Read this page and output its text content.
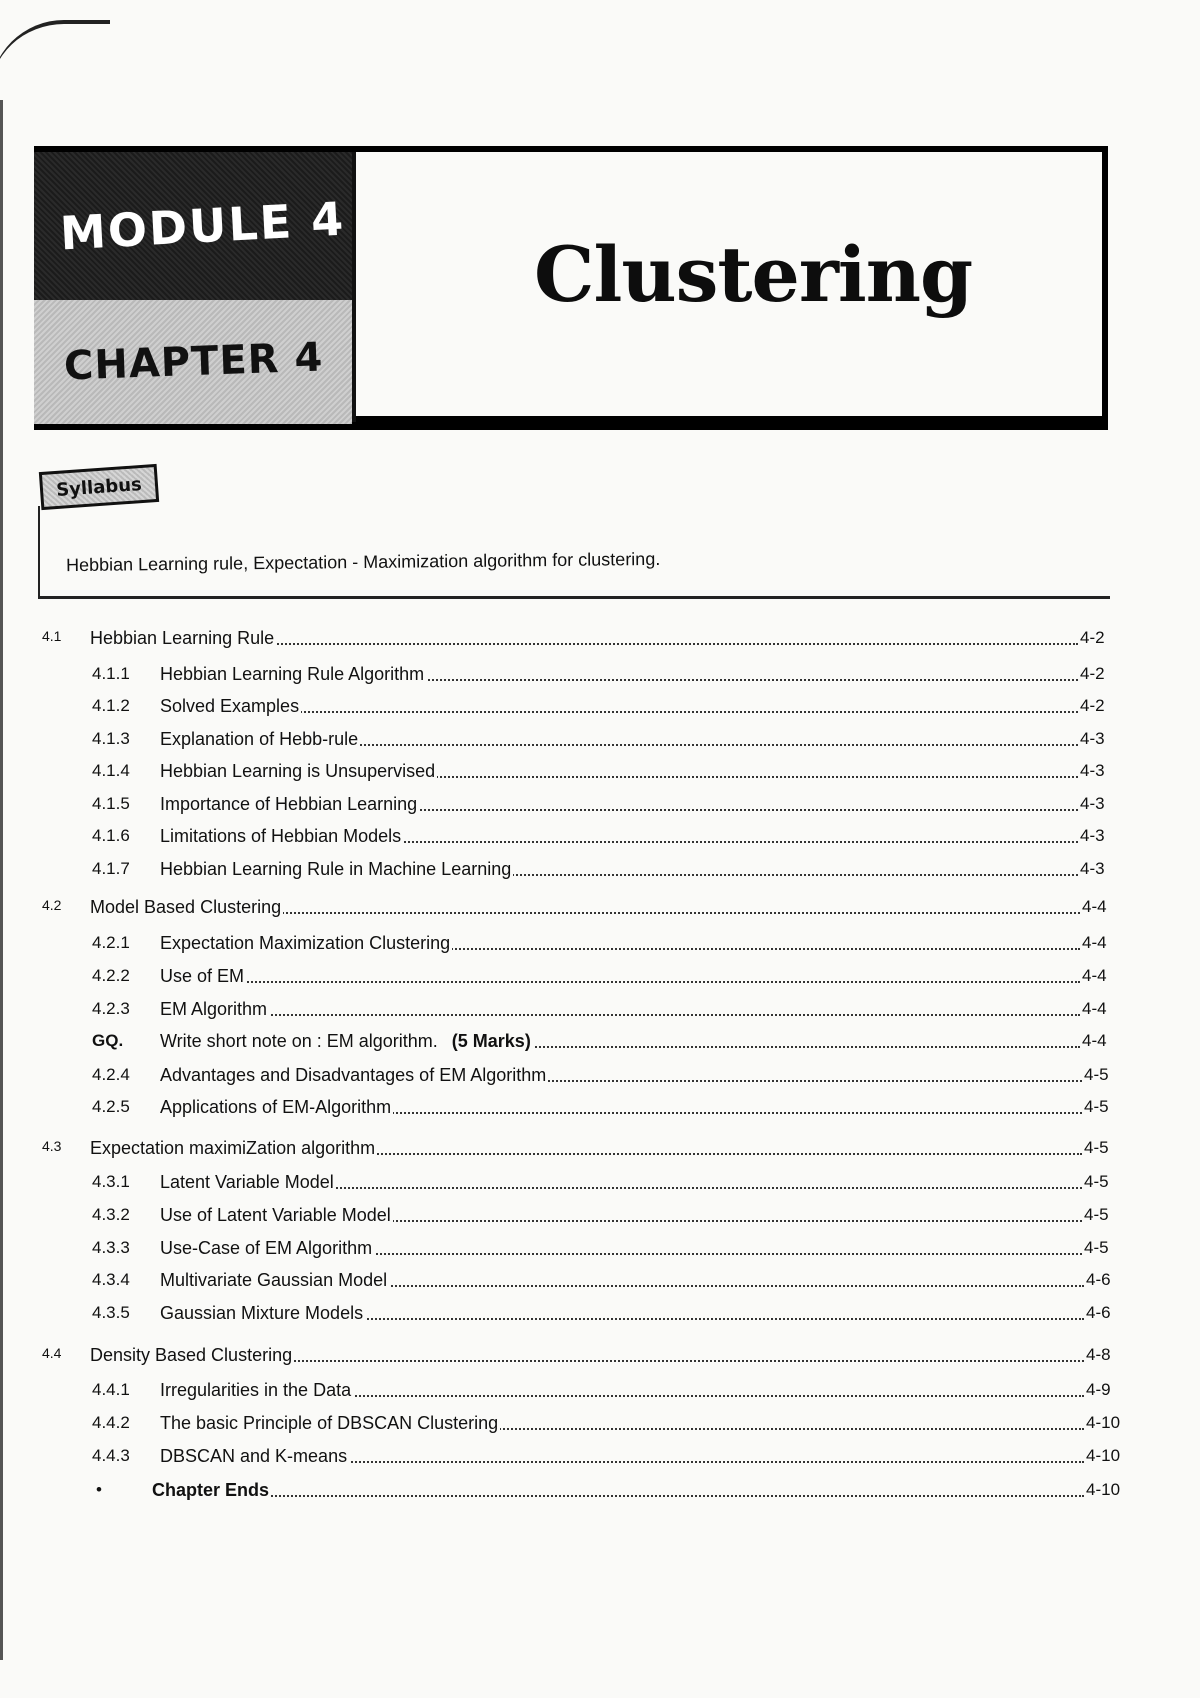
MODULE 4
CHAPTER 4
Clustering
Syllabus
Hebbian Learning rule, Expectation - Maximization algorithm for clustering.
4.1 Hebbian Learning Rule	4-2
4.1.1 Hebbian Learning Rule Algorithm	4-2
4.1.2 Solved Examples	4-2
4.1.3 Explanation of Hebb-rule	4-3
4.1.4 Hebbian Learning is Unsupervised	4-3
4.1.5 Importance of Hebbian Learning	4-3
4.1.6 Limitations of Hebbian Models	4-3
4.1.7 Hebbian Learning Rule in Machine Learning	4-3
4.2 Model Based Clustering	4-4
4.2.1 Expectation Maximization Clustering	4-4
4.2.2 Use of EM	4-4
4.2.3 EM Algorithm	4-4
GQ. Write short note on : EM algorithm. (5 Marks)	4-4
4.2.4 Advantages and Disadvantages of EM Algorithm	4-5
4.2.5 Applications of EM-Algorithm	4-5
4.3 Expectation maximiZation algorithm	4-5
4.3.1 Latent Variable Model	4-5
4.3.2 Use of Latent Variable Model	4-5
4.3.3 Use-Case of EM Algorithm	4-5
4.3.4 Multivariate Gaussian Model	4-6
4.3.5 Gaussian Mixture Models	4-6
4.4 Density Based Clustering	4-8
4.4.1 Irregularities in the Data	4-9
4.4.2 The basic Principle of DBSCAN Clustering	4-10
4.4.3 DBSCAN and K-means	4-10
•	Chapter Ends	4-10
